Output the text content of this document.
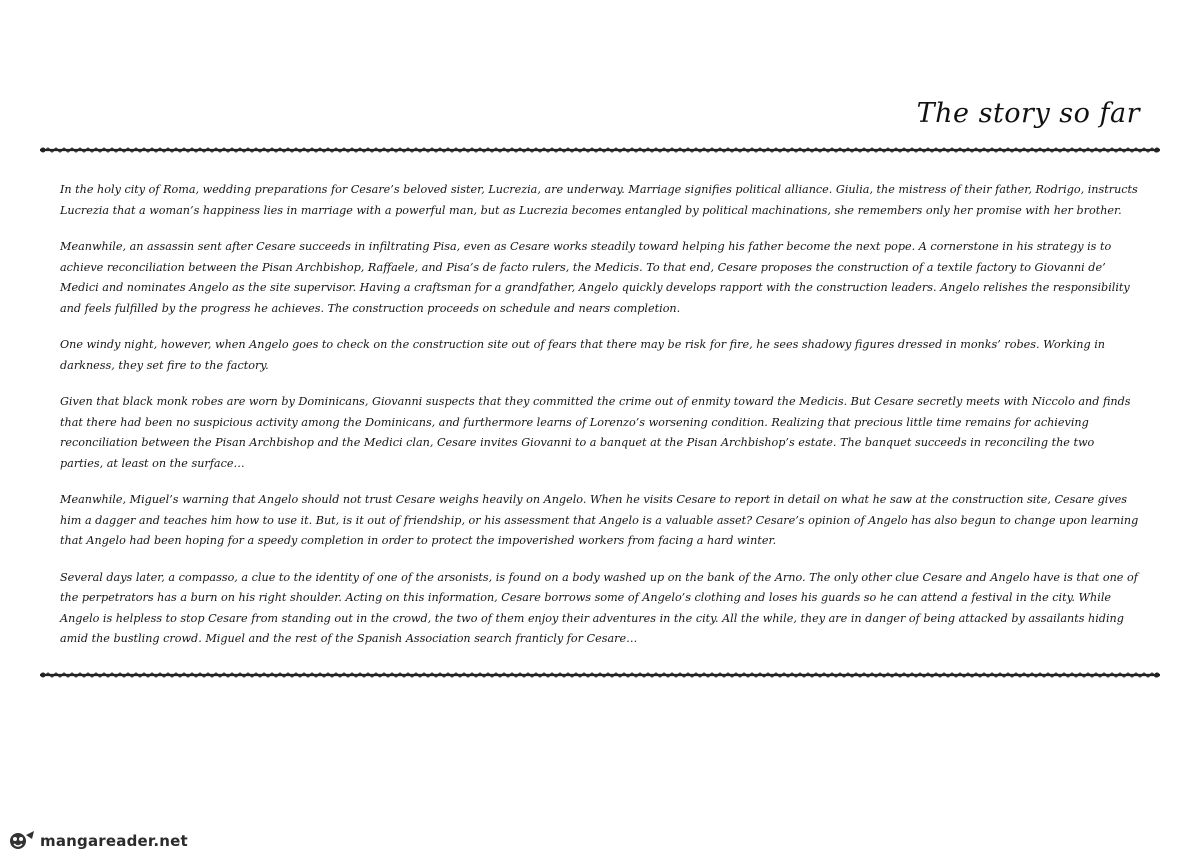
The story so far

In the holy city of Roma, wedding preparations for Cesare’s beloved sister, Lucrezia, are underway. Marriage signifies political alliance. Giulia, the mistress of their father, Rodrigo, instructs Lucrezia that a woman’s happiness lies in marriage with a powerful man, but as Lucrezia becomes entangled by political machinations, she remembers only her promise with her brother.

Meanwhile, an assassin sent after Cesare succeeds in infiltrating Pisa, even as Cesare works steadily toward helping his father become the next pope. A cornerstone in his strategy is to achieve reconciliation between the Pisan Archbishop, Raffaele, and Pisa’s de facto rulers, the Medicis. To that end, Cesare proposes the construction of a textile factory to Giovanni de’ Medici and nominates Angelo as the site supervisor. Having a craftsman for a grandfather, Angelo quickly develops rapport with the construction leaders. Angelo relishes the responsibility and feels fulfilled by the progress he achieves. The construction proceeds on schedule and nears completion.

One windy night, however, when Angelo goes to check on the construction site out of fears that there may be risk for fire, he sees shadowy figures dressed in monks’ robes. Working in darkness, they set fire to the factory.

Given that black monk robes are worn by Dominicans, Giovanni suspects that they committed the crime out of enmity toward the Medicis. But Cesare secretly meets with Niccolo and finds that there had been no suspicious activity among the Dominicans, and furthermore learns of Lorenzo’s worsening condition. Realizing that precious little time remains for achieving reconciliation between the Pisan Archbishop and the Medici clan, Cesare invites Giovanni to a banquet at the Pisan Archbishop’s estate. The banquet succeeds in reconciling the two parties, at least on the surface…

Meanwhile, Miguel’s warning that Angelo should not trust Cesare weighs heavily on Angelo. When he visits Cesare to report in detail on what he saw at the construction site, Cesare gives him a dagger and teaches him how to use it. But, is it out of friendship, or his assessment that Angelo is a valuable asset? Cesare’s opinion of Angelo has also begun to change upon learning that Angelo had been hoping for a speedy completion in order to protect the impoverished workers from facing a hard winter.

Several days later, a compasso, a clue to the identity of one of the arsonists, is found on a body washed up on the bank of the Arno. The only other clue Cesare and Angelo have is that one of the perpetrators has a burn on his right shoulder. Acting on this information, Cesare borrows some of Angelo’s clothing and loses his guards so he can attend a festival in the city. While Angelo is helpless to stop Cesare from standing out in the crowd, the two of them enjoy their adventures in the city. All the while, they are in danger of being attacked by assailants hiding amid the bustling crowd. Miguel and the rest of the Spanish Association search franticly for Cesare…

mangareader.net
